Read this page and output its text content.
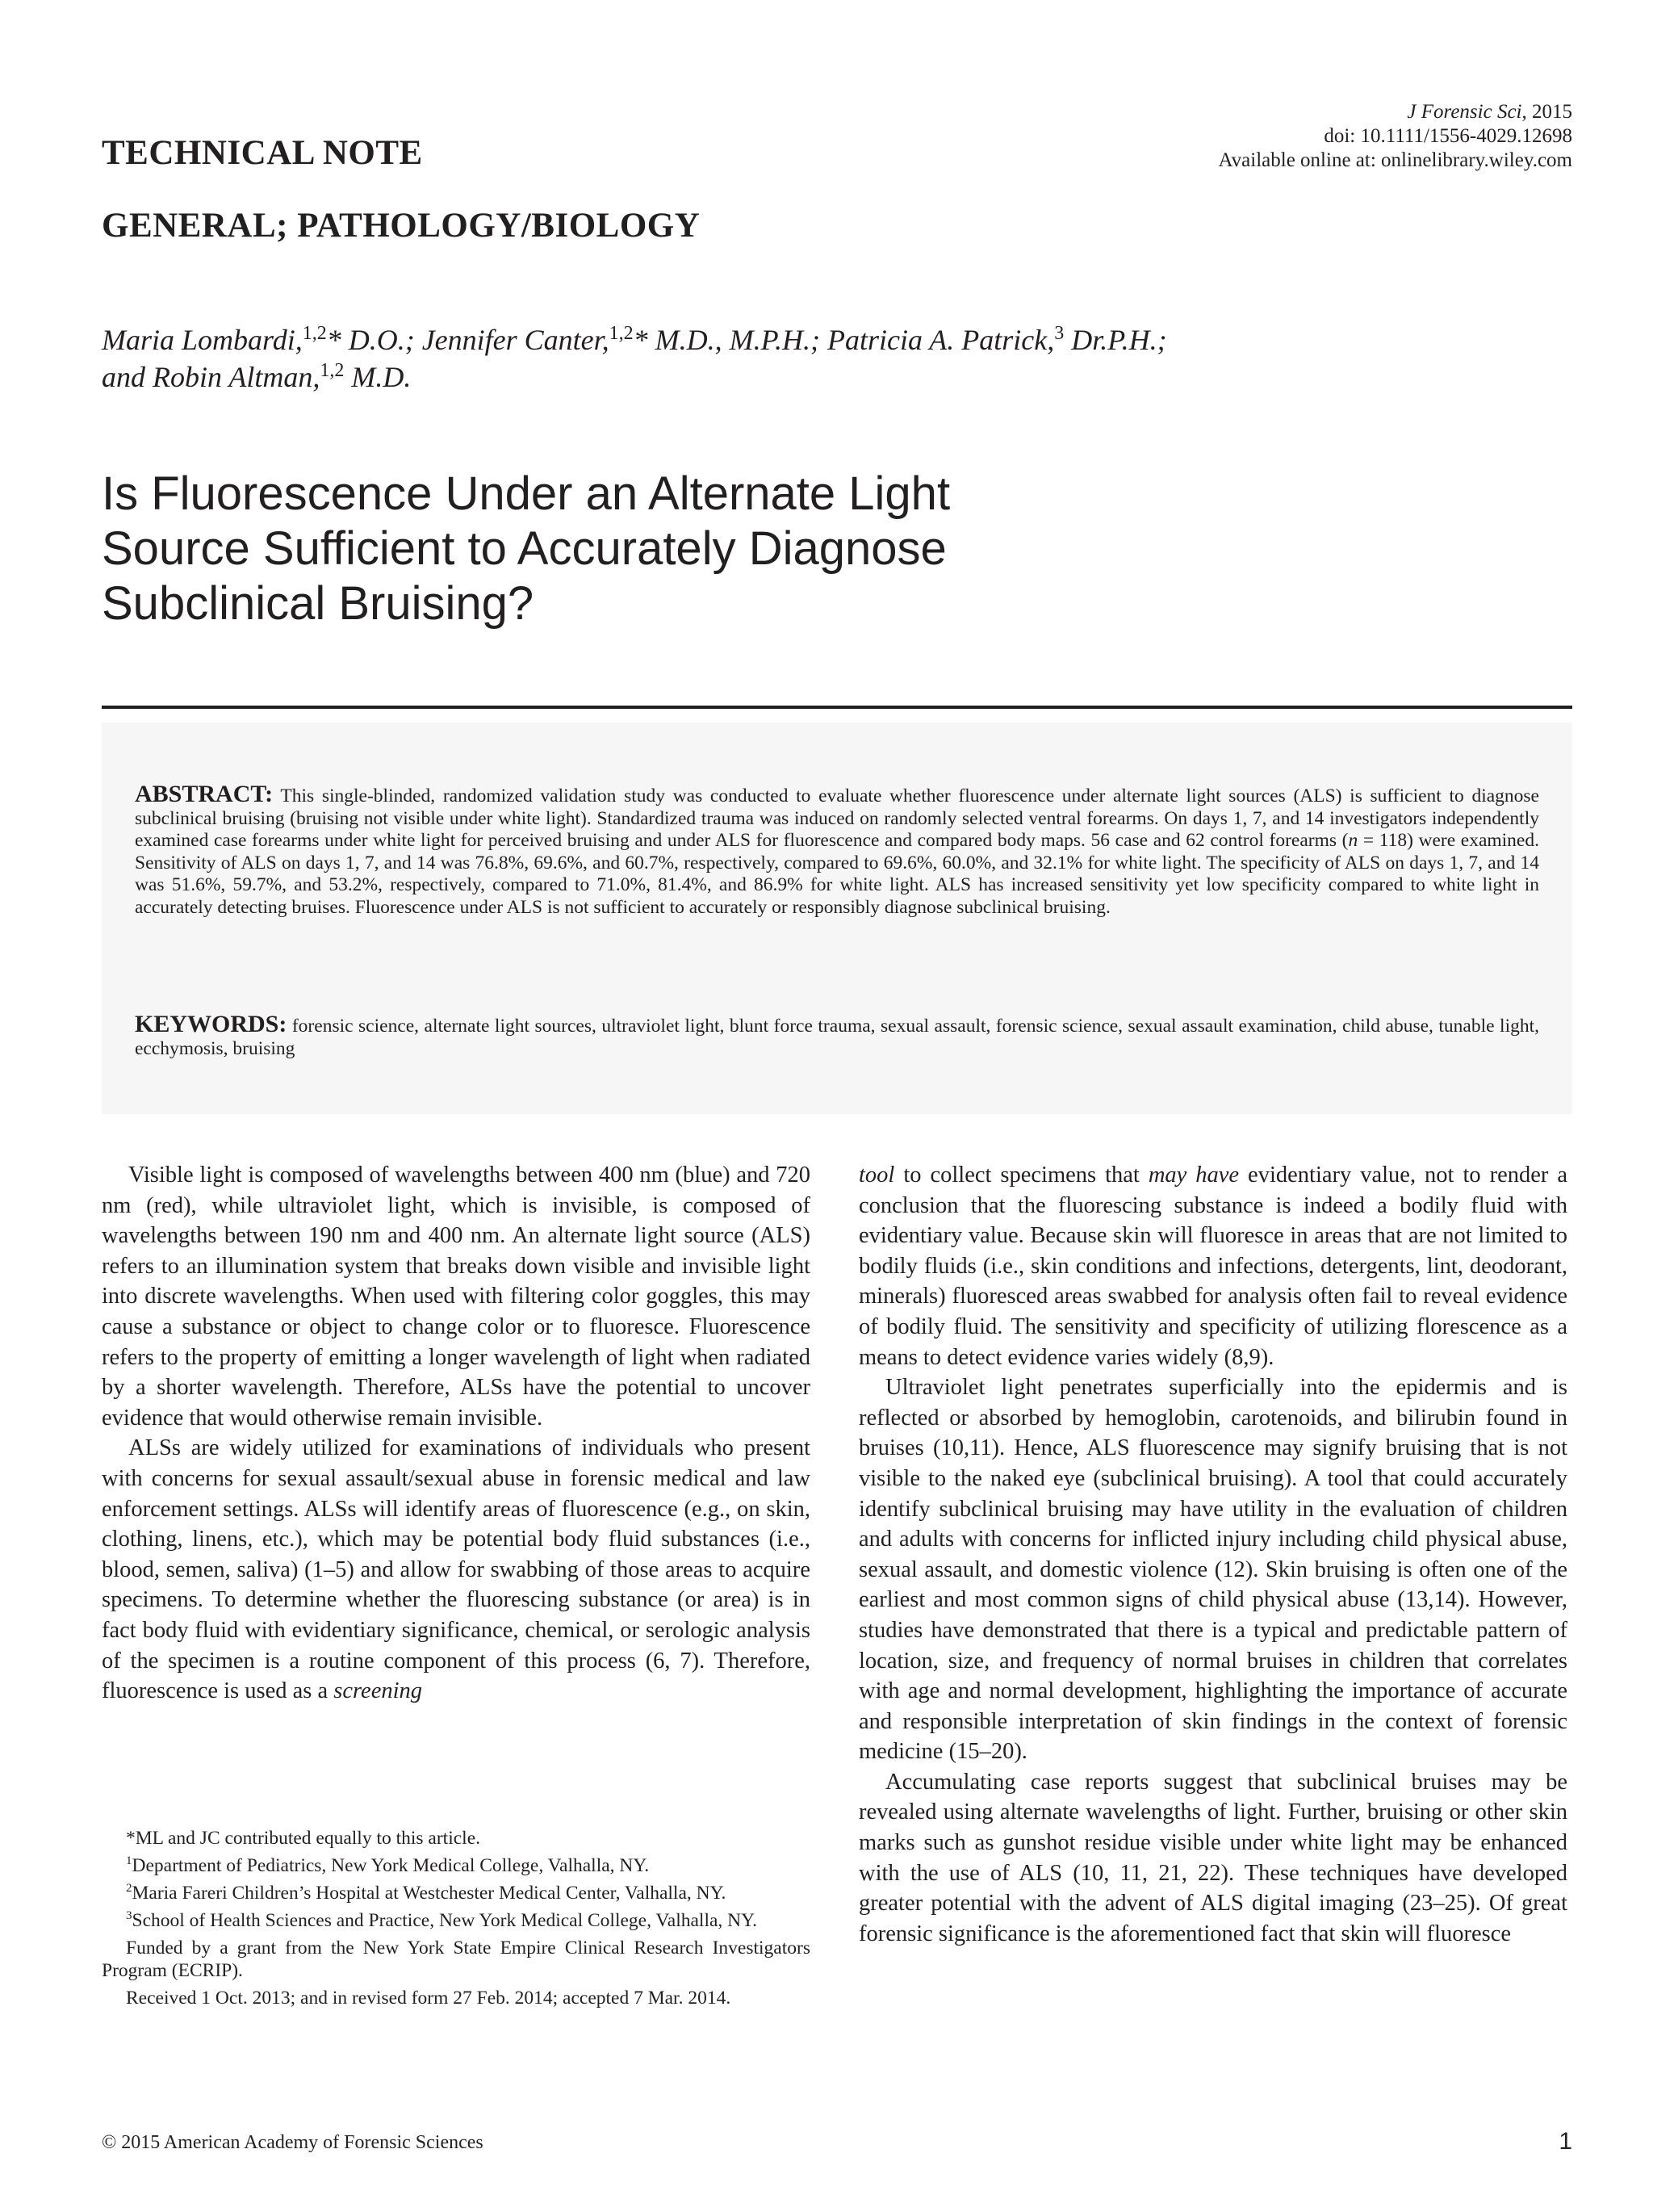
J Forensic Sci, 2015
doi: 10.1111/1556-4029.12698
Available online at: onlinelibrary.wiley.com
TECHNICAL NOTE
GENERAL; PATHOLOGY/BIOLOGY
Maria Lombardi,$^{1,2}$* D.O.; Jennifer Canter,$^{1,2}$* M.D., M.P.H.; Patricia A. Patrick,$^3$ Dr.P.H.;
and Robin Altman,$^{1,2}$ M.D.
Is Fluorescence Under an Alternate Light
Source Sufficient to Accurately Diagnose
Subclinical Bruising?
ABSTRACT: This single-blinded, randomized validation study was conducted to evaluate whether fluorescence under alternate light sources (ALS) is sufficient to diagnose subclinical bruising (bruising not visible under white light). Standardized trauma was induced on randomly selected ventral forearms. On days 1, 7, and 14 investigators independently examined case forearms under white light for perceived bruising and under ALS for fluorescence and compared body maps. 56 case and 62 control forearms (n = 118) were examined. Sensitivity of ALS on days 1, 7, and 14 was 76.8%, 69.6%, and 60.7%, respectively, compared to 69.6%, 60.0%, and 32.1% for white light. The specificity of ALS on days 1, 7, and 14 was 51.6%, 59.7%, and 53.2%, respectively, compared to 71.0%, 81.4%, and 86.9% for white light. ALS has increased sensitivity yet low specificity compared to white light in accurately detecting bruises. Fluorescence under ALS is not sufficient to accurately or responsibly diagnose subclinical bruising.
KEYWORDS: forensic science, alternate light sources, ultraviolet light, blunt force trauma, sexual assault, forensic science, sexual assault examination, child abuse, tunable light, ecchymosis, bruising

Visible light is composed of wavelengths between 400 nm (blue) and 720 nm (red), while ultraviolet light, which is invisible, is composed of wavelengths between 190 nm and 400 nm. An alternate light source (ALS) refers to an illumination system that breaks down visible and invisible light into discrete wavelengths. When used with filtering color goggles, this may cause a substance or object to change color or to fluoresce. Fluorescence refers to the property of emitting a longer wavelength of light when radiated by a shorter wavelength. Therefore, ALSs have the potential to uncover evidence that would otherwise remain invisible.

ALSs are widely utilized for examinations of individuals who present with concerns for sexual assault/sexual abuse in forensic medical and law enforcement settings. ALSs will identify areas of fluorescence (e.g., on skin, clothing, linens, etc.), which may be potential body fluid substances (i.e., blood, semen, saliva) (1–5) and allow for swabbing of those areas to acquire specimens. To determine whether the fluorescing substance (or area) is in fact body fluid with evidentiary significance, chemical, or serologic analysis of the specimen is a routine component of this process (6, 7). Therefore, fluorescence is used as a screening

tool to collect specimens that may have evidentiary value, not to render a conclusion that the fluorescing substance is indeed a bodily fluid with evidentiary value. Because skin will fluoresce in areas that are not limited to bodily fluids (i.e., skin conditions and infections, detergents, lint, deodorant, minerals) fluoresced areas swabbed for analysis often fail to reveal evidence of bodily fluid. The sensitivity and specificity of utilizing florescence as a means to detect evidence varies widely (8,9).

Ultraviolet light penetrates superficially into the epidermis and is reflected or absorbed by hemoglobin, carotenoids, and bilirubin found in bruises (10,11). Hence, ALS fluorescence may signify bruising that is not visible to the naked eye (subclinical bruising). A tool that could accurately identify subclinical bruising may have utility in the evaluation of children and adults with concerns for inflicted injury including child physical abuse, sexual assault, and domestic violence (12). Skin bruising is often one of the earliest and most common signs of child physical abuse (13,14). However, studies have demonstrated that there is a typical and predictable pattern of location, size, and frequency of normal bruises in children that correlates with age and normal development, highlighting the importance of accurate and responsible interpretation of skin findings in the context of forensic medicine (15–20).

Accumulating case reports suggest that subclinical bruises may be revealed using alternate wavelengths of light. Further, bruising or other skin marks such as gunshot residue visible under white light may be enhanced with the use of ALS (10, 11, 21, 22). These techniques have developed greater potential with the advent of ALS digital imaging (23–25). Of great forensic significance is the aforementioned fact that skin will fluoresce

*ML and JC contributed equally to this article.

$^1$Department of Pediatrics, New York Medical College, Valhalla, NY.

$^2$Maria Fareri Children’s Hospital at Westchester Medical Center, Valhalla, NY.

$^3$School of Health Sciences and Practice, New York Medical College, Valhalla, NY.

Funded by a grant from the New York State Empire Clinical Research Investigators Program (ECRIP).

Received 1 Oct. 2013; and in revised form 27 Feb. 2014; accepted 7 Mar. 2014.

© 2015 American Academy of Forensic Sciences	1
